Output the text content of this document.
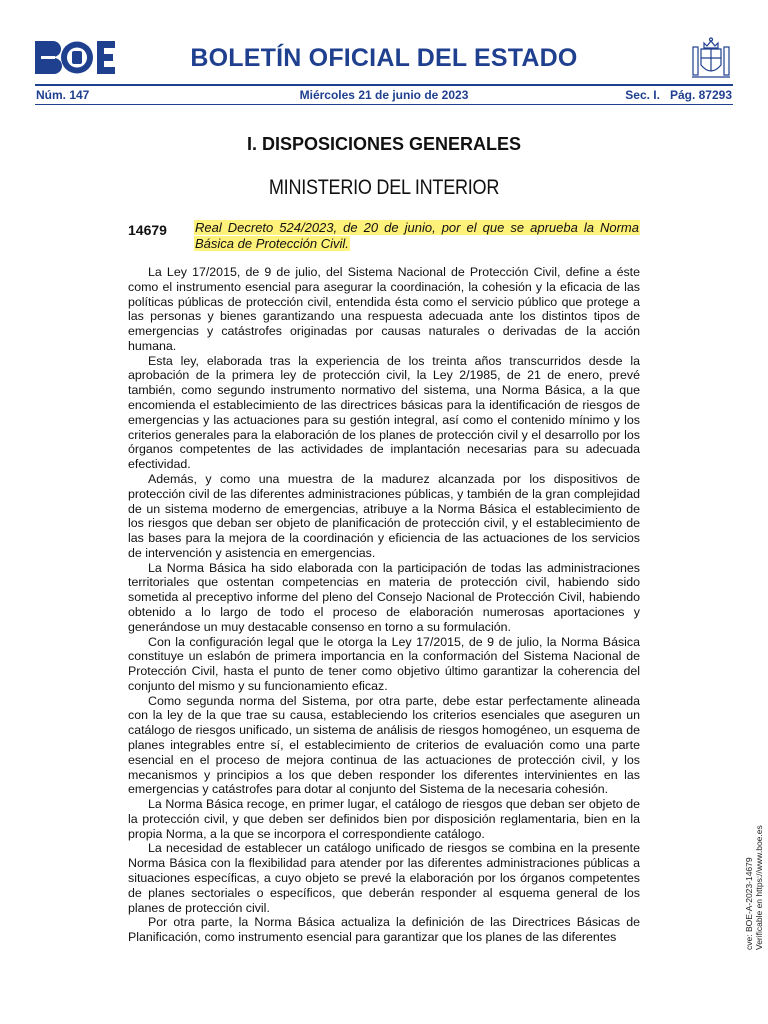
BOLETÍN OFICIAL DEL ESTADO
Núm. 147	Miércoles 21 de junio de 2023	Sec. I.   Pág. 87293
I. DISPOSICIONES GENERALES
MINISTERIO DEL INTERIOR
14679 Real Decreto 524/2023, de 20 de junio, por el que se aprueba la Norma Básica de Protección Civil.

La Ley 17/2015, de 9 de julio, del Sistema Nacional de Protección Civil, define a éste como el instrumento esencial para asegurar la coordinación, la cohesión y la eficacia de las políticas públicas de protección civil, entendida ésta como el servicio público que protege a las personas y bienes garantizando una respuesta adecuada ante los distintos tipos de emergencias y catástrofes originadas por causas naturales o derivadas de la acción humana.

Esta ley, elaborada tras la experiencia de los treinta años transcurridos desde la aprobación de la primera ley de protección civil, la Ley 2/1985, de 21 de enero, prevé también, como segundo instrumento normativo del sistema, una Norma Básica, a la que encomienda el establecimiento de las directrices básicas para la identificación de riesgos de emergencias y las actuaciones para su gestión integral, así como el contenido mínimo y los criterios generales para la elaboración de los planes de protección civil y el desarrollo por los órganos competentes de las actividades de implantación necesarias para su adecuada efectividad.

Además, y como una muestra de la madurez alcanzada por los dispositivos de protección civil de las diferentes administraciones públicas, y también de la gran complejidad de un sistema moderno de emergencias, atribuye a la Norma Básica el establecimiento de los riesgos que deban ser objeto de planificación de protección civil, y el establecimiento de las bases para la mejora de la coordinación y eficiencia de las actuaciones de los servicios de intervención y asistencia en emergencias.

La Norma Básica ha sido elaborada con la participación de todas las administraciones territoriales que ostentan competencias en materia de protección civil, habiendo sido sometida al preceptivo informe del pleno del Consejo Nacional de Protección Civil, habiendo obtenido a lo largo de todo el proceso de elaboración numerosas aportaciones y generándose un muy destacable consenso en torno a su formulación.

Con la configuración legal que le otorga la Ley 17/2015, de 9 de julio, la Norma Básica constituye un eslabón de primera importancia en la conformación del Sistema Nacional de Protección Civil, hasta el punto de tener como objetivo último garantizar la coherencia del conjunto del mismo y su funcionamiento eficaz.

Como segunda norma del Sistema, por otra parte, debe estar perfectamente alineada con la ley de la que trae su causa, estableciendo los criterios esenciales que aseguren un catálogo de riesgos unificado, un sistema de análisis de riesgos homogéneo, un esquema de planes integrables entre sí, el establecimiento de criterios de evaluación como una parte esencial en el proceso de mejora continua de las actuaciones de protección civil, y los mecanismos y principios a los que deben responder los diferentes intervinientes en las emergencias y catástrofes para dotar al conjunto del Sistema de la necesaria cohesión.

La Norma Básica recoge, en primer lugar, el catálogo de riesgos que deban ser objeto de la protección civil, y que deben ser definidos bien por disposición reglamentaria, bien en la propia Norma, a la que se incorpora el correspondiente catálogo.

La necesidad de establecer un catálogo unificado de riesgos se combina en la presente Norma Básica con la flexibilidad para atender por las diferentes administraciones públicas a situaciones específicas, a cuyo objeto se prevé la elaboración por los órganos competentes de planes sectoriales o específicos, que deberán responder al esquema general de los planes de protección civil.

Por otra parte, la Norma Básica actualiza la definición de las Directrices Básicas de Planificación, como instrumento esencial para garantizar que los planes de las diferentes	cve: BOE-A-2023-14679 Verificable en https://www.boe.es
